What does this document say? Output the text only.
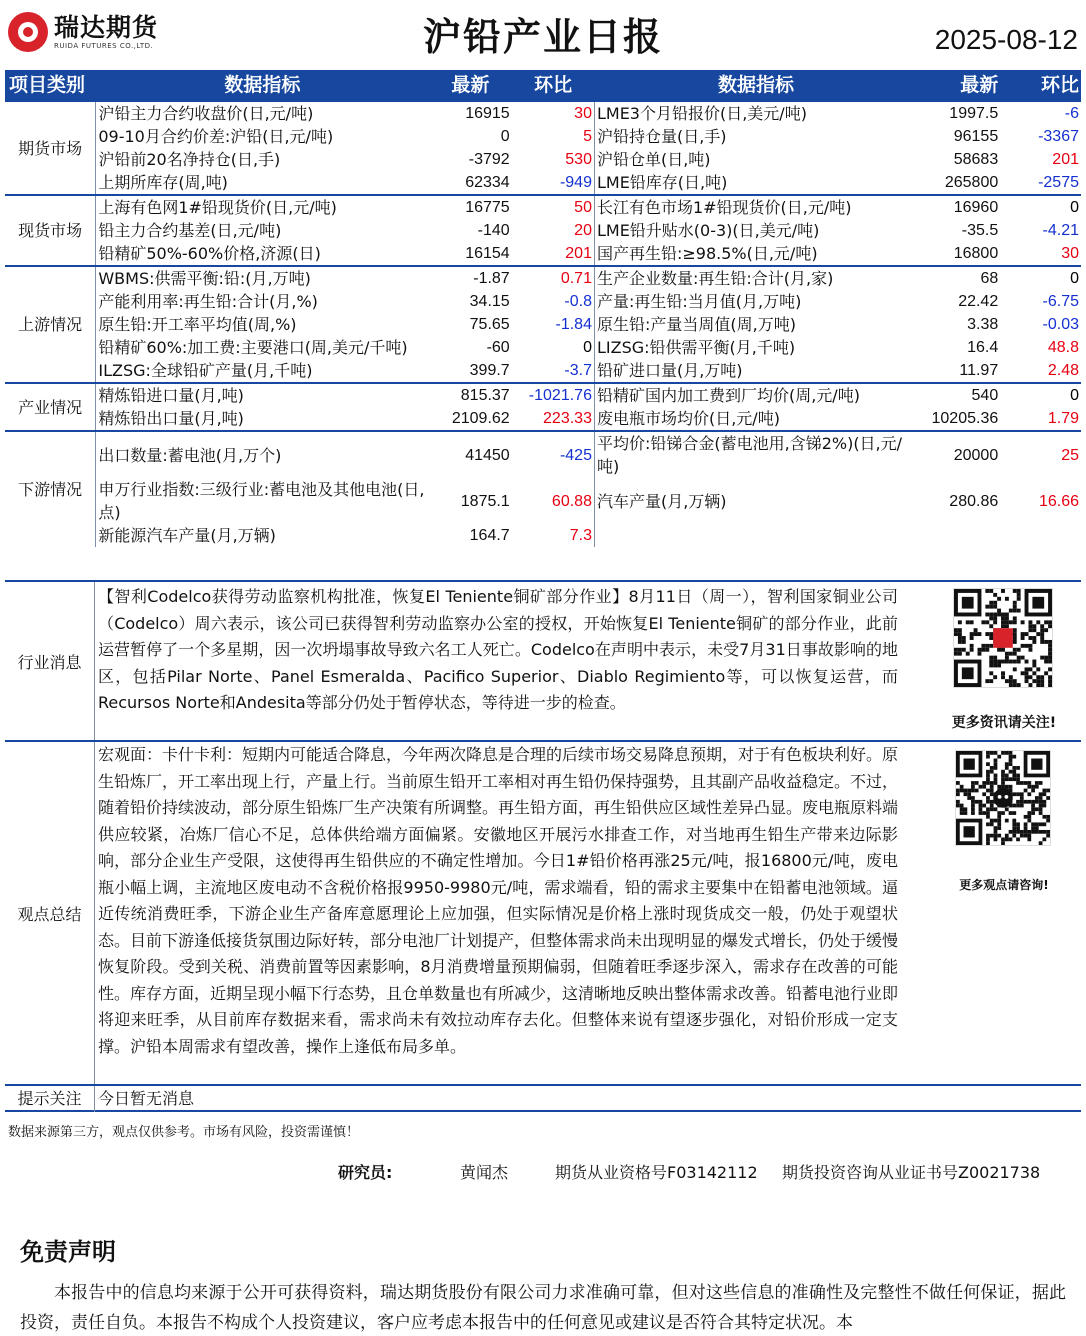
瑞达期货
RUIDA FUTURES CO.,LTD.	沪铅产业日报	2025-08-12
项目类别	数据指标	最新	环比	数据指标	最新	环比
期货市场	沪铅主力合约收盘价(日,元/吨)	16915	30	LME3个月铅报价(日,美元/吨)	1997.5	-6
	09-10月合约价差:沪铅(日,元/吨)	0	5	沪铅持仓量(日,手)	96155	-3367
	沪铅前20名净持仓(日,手)	-3792	530	沪铅仓单(日,吨)	58683	201
	上期所库存(周,吨)	62334	-949	LME铅库存(日,吨)	265800	-2575
现货市场	上海有色网1#铅现货价(日,元/吨)	16775	50	长江有色市场1#铅现货价(日,元/吨)	16960	0
	铅主力合约基差(日,元/吨)	-140	20	LME铅升贴水(0-3)(日,美元/吨)	-35.5	-4.21
	铅精矿50%-60%价格,济源(日)	16154	201	国产再生铅:≥98.5%(日,元/吨)	16800	30
上游情况	WBMS:供需平衡:铅:(月,万吨)	-1.87	0.71	生产企业数量:再生铅:合计(月,家)	68	0
	产能利用率:再生铅:合计(月,%)	34.15	-0.8	产量:再生铅:当月值(月,万吨)	22.42	-6.75
	原生铅:开工率平均值(周,%)	75.65	-1.84	原生铅:产量当周值(周,万吨)	3.38	-0.03
	铅精矿60%:加工费:主要港口(周,美元/千吨)	-60	0	LIZSG:铅供需平衡(月,千吨)	16.4	48.8
	ILZSG:全球铅矿产量(月,千吨)	399.7	-3.7	铅矿进口量(月,万吨)	11.97	2.48
产业情况	精炼铅进口量(月,吨)	815.37	-1021.76	铅精矿国内加工费到厂均价(周,元/吨)	540	0
	精炼铅出口量(月,吨)	2109.62	223.33	废电瓶市场均价(日,元/吨)	10205.36	1.79
下游情况	出口数量:蓄电池(月,万个)	41450	-425	平均价:铅锑合金(蓄电池用,含锑2%)(日,元/吨)	20000	25
	申万行业指数:三级行业:蓄电池及其他电池(日,点)	1875.1	60.88	汽车产量(月,万辆)	280.86	16.66
	新能源汽车产量(月,万辆)	164.7	7.3			
行业消息
【智利Codelco获得劳动监察机构批准，恢复El Teniente铜矿部分作业】8月11日（周一），智利国家铜业公司（Codelco）周六表示，该公司已获得智利劳动监察办公室的授权，开始恢复El Teniente铜矿的部分作业，此前运营暂停了一个多星期，因一次坍塌事故导致六名工人死亡。Codelco在声明中表示，未受7月31日事故影响的地区，包括Pilar Norte、Panel Esmeralda、Pacifico Superior、Diablo Regimiento等，可以恢复运营，而Recursos Norte和Andesita等部分仍处于暂停状态，等待进一步的检查。
更多资讯请关注!
观点总结
宏观面：卡什卡利：短期内可能适合降息，今年两次降息是合理的后续市场交易降息预期，对于有色板块利好。原生铅炼厂，开工率出现上行，产量上行。当前原生铅开工率相对再生铅仍保持强势，且其副产品收益稳定。不过，随着铅价持续波动，部分原生铅炼厂生产决策有所调整。再生铅方面，再生铅供应区域性差异凸显。废电瓶原料端供应较紧，冶炼厂信心不足，总体供给端方面偏紧。安徽地区开展污水排查工作，对当地再生铅生产带来边际影响，部分企业生产受限，这使得再生铅供应的不确定性增加。今日1#铅价格再涨25元/吨，报16800元/吨，废电瓶小幅上调，主流地区废电动不含税价格报9950-9980元/吨，需求端看，铅的需求主要集中在铅蓄电池领域。逼近传统消费旺季，下游企业生产备库意愿理论上应加强，但实际情况是价格上涨时现货成交一般，仍处于观望状态。目前下游逢低接货氛围边际好转，部分电池厂计划提产，但整体需求尚未出现明显的爆发式增长，仍处于缓慢恢复阶段。受到关税、消费前置等因素影响，8月消费增量预期偏弱，但随着旺季逐步深入，需求存在改善的可能性。库存方面，近期呈现小幅下行态势，且仓单数量也有所减少，这清晰地反映出整体需求改善。铅蓄电池行业即将迎来旺季，从目前库存数据来看，需求尚未有效拉动库存去化。但整体来说有望逐步强化，对铅价形成一定支撑。沪铅本周需求有望改善，操作上逢低布局多单。
更多观点请咨询!
提示关注	今日暂无消息
数据来源第三方，观点仅供参考。市场有风险，投资需谨慎！
研究员:	黄闻杰	期货从业资格号F03142112 期货投资咨询从业证书号Z0021738
免责声明
本报告中的信息均来源于公开可获得资料，瑞达期货股份有限公司力求准确可靠，但对这些信息的准确性及完整性不做任何保证，据此投资，责任自负。本报告不构成个人投资建议，客户应考虑本报告中的任何意见或建议是否符合其特定状况。本
